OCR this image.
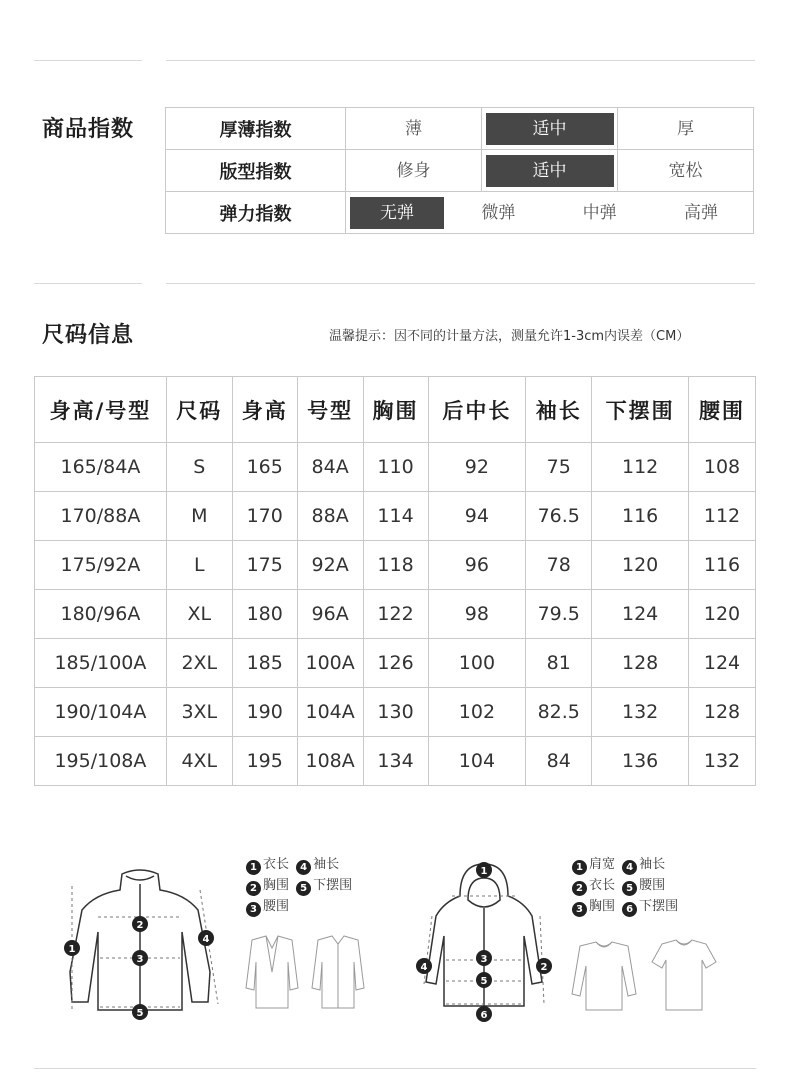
商品指数	厚薄指数	薄	适中	厚
版型指数	修身	适中	宽松
弹力指数	无弹 微弹 中弹 高弹		
尺码信息	温馨提示：因不同的计量方法，测量允许1-3cm内误差（CM）
身高/号型	尺码	身高	号型	胸围	后中长	袖长	下摆围	腰围
165/84A	S	165	84A	110	92	75	112	108
170/88A	M	170	88A	114	94	76.5	116	112
175/92A	L	175	92A	118	96	78	120	116
180/96A	XL	180	96A	122	98	79.5	124	120
185/100A	2XL	185	100A	126	100	81	128	124
190/104A	3XL	190	104A	130	102	82.5	132	128
195/108A	4XL	195	108A	134	104	84	136	132
1
2
3
4
5
1 衣长 4 袖长
2 胸围 5 下摆围
3 腰围
1
2
3
4
5
6
1 肩宽 4 袖长
2 衣长 5 腰围
3 胸围 6 下摆围
